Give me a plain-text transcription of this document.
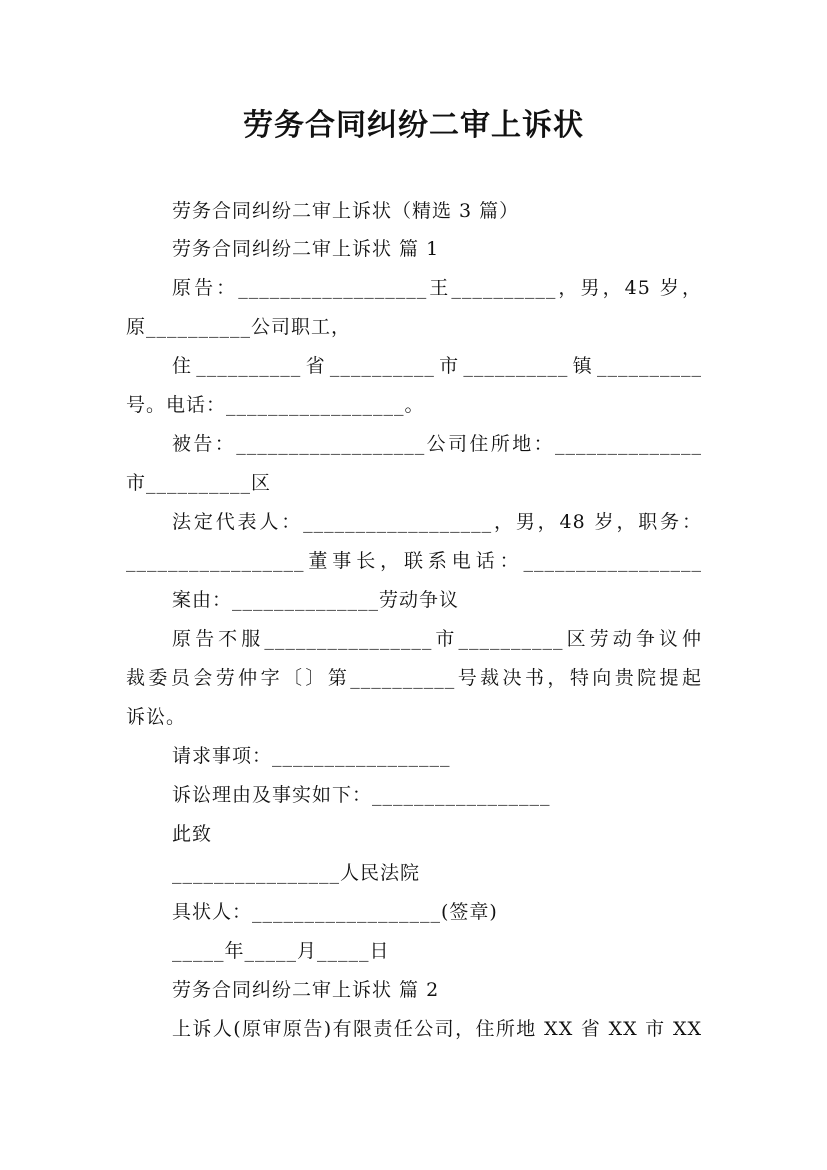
劳务合同纠纷二审上诉状
劳务合同纠纷二审上诉状（精选 3 篇）
劳务合同纠纷二审上诉状 篇 1
原告：__________________王__________，男，45 岁，
原__________公司职工，
住__________省__________市__________镇__________
号。电话：_________________。
被告：__________________公司住所地：______________
市__________区
法定代表人：__________________，男，48 岁，职务：
_________________董事长，联系电话：_________________
案由：______________劳动争议
原告不服________________市__________区劳动争议仲
裁委员会劳仲字〔〕第__________号裁决书，特向贵院提起
诉讼。
请求事项：_________________
诉讼理由及事实如下：_________________
此致
________________人民法院
具状人：__________________(签章)
_____年_____月_____日
劳务合同纠纷二审上诉状 篇 2
上诉人(原审原告)有限责任公司，住所地 XX 省 XX 市 XX
